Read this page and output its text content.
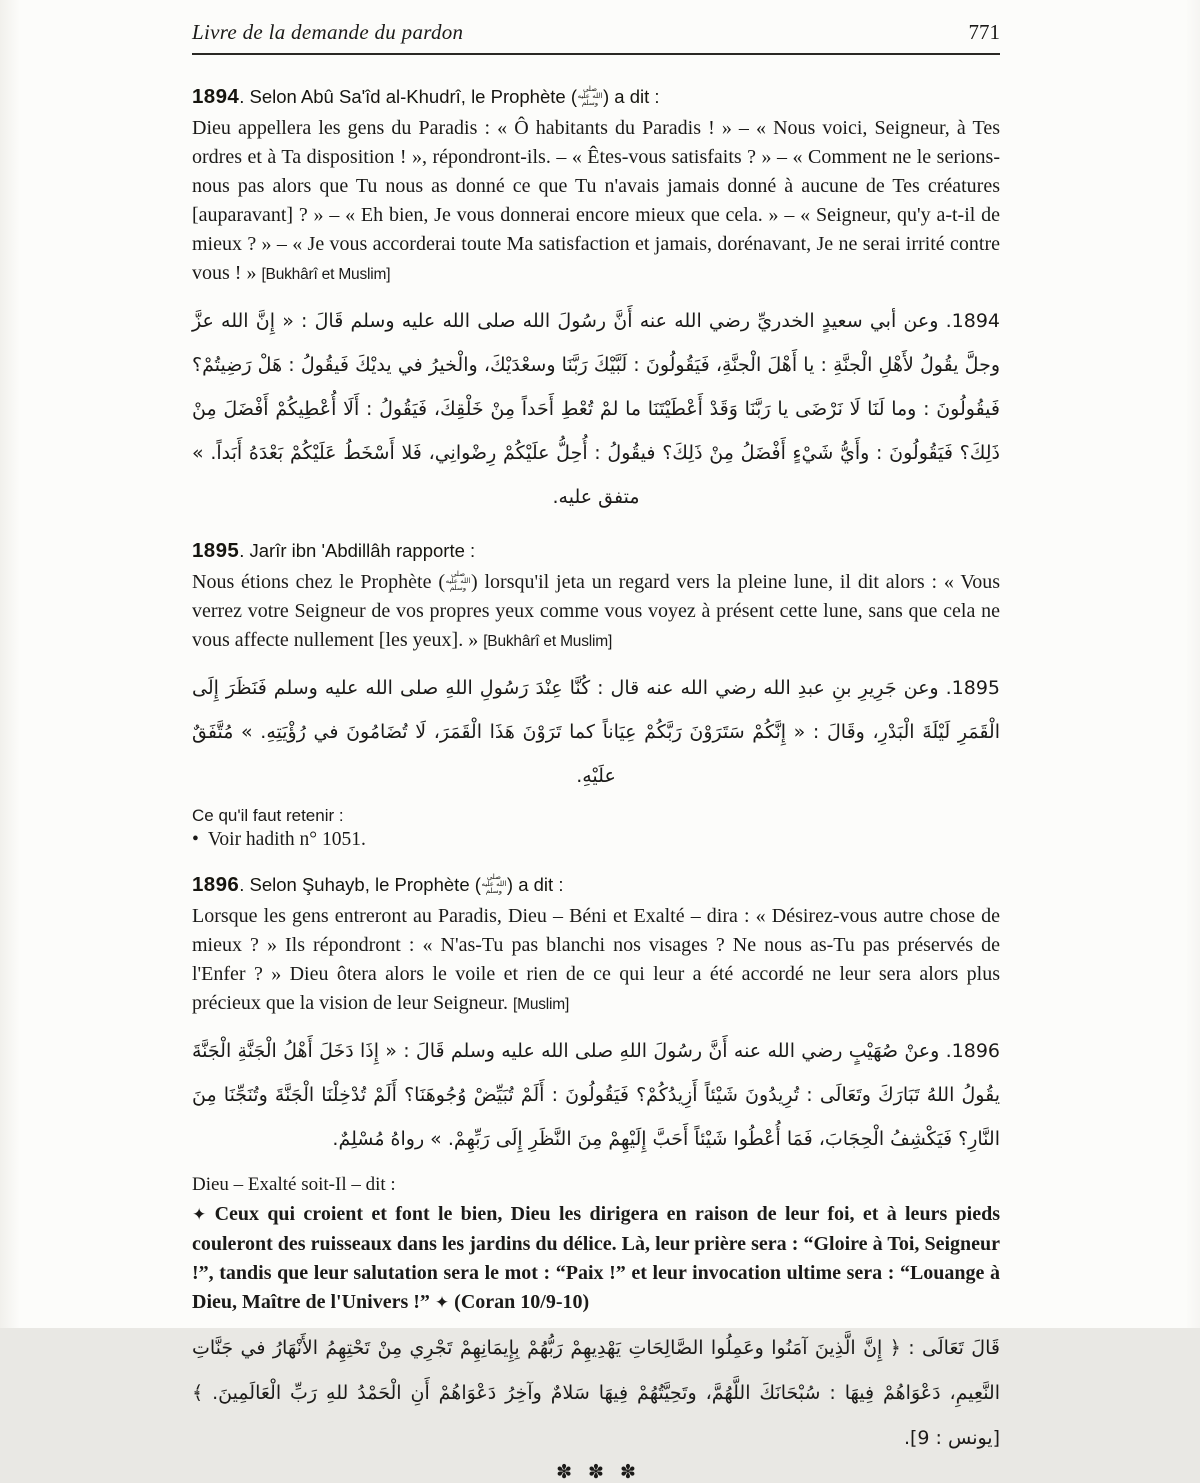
Livre de la demande du pardon	771

1894. Selon Abû Sa'îd al-Khudrî, le Prophète ( صلى الله عليه وسلم ) a dit :

Dieu appellera les gens du Paradis : « Ô habitants du Paradis ! » – « Nous voici, Seigneur, à Tes ordres et à Ta disposition ! », répondront-ils. – « Êtes-vous satisfaits ? » – « Comment ne le serions-nous pas alors que Tu nous as donné ce que Tu n'avais jamais donné à aucune de Tes créatures [auparavant] ? » – « Eh bien, Je vous donnerai encore mieux que cela. » – « Seigneur, qu'y a-t-il de mieux ? » – « Je vous accorderai toute Ma satisfaction et jamais, dorénavant, Je ne serai irrité contre vous ! » [Bukhârî et Muslim]

1894. وعن أبي سعيدٍ الخدريِّ رضي الله عنه أَنَّ رسُولَ الله صلى الله عليه وسلم قَالَ : « إِنَّ الله عزَّ وجلَّ يقُولُ لأَهْلِ الْجنَّةِ : يا أَهْلَ الْجنَّةِ، فَيَقُولُونَ : لَبَّيْكَ رَبَّنَا وسعْدَيْكَ، والْخيرُ في يديْكَ فَيقُولُ : هَلْ رَضِيتُمْ؟ فَيقُولُونَ : وما لَنَا لَا نَرْضَى يا رَبَّنَا وَقَدْ أَعْطَيْتَنَا ما لمْ تُعْطِ أَحَداً مِنْ خَلْقِكَ، فَيَقُولُ : أَلَا أُعْطِيكُمْ أَفْضَلَ مِنْ ذَلِكَ؟ فَيَقُولُونَ : وأَيُّ شَيْءٍ أَفْضَلُ مِنْ ذَلِكَ؟ فيقُولُ : أُحِلُّ علَيْكُمْ رِضْوانِي، فَلا أَسْخَطُ عَلَيْكُمْ بَعْدَهُ أَبَداً. » متفق عليه.

1895. Jarîr ibn 'Abdillâh rapporte :

Nous étions chez le Prophète ( صلى الله عليه وسلم ) lorsqu'il jeta un regard vers la pleine lune, il dit alors : « Vous verrez votre Seigneur de vos propres yeux comme vous voyez à présent cette lune, sans que cela ne vous affecte nullement [les yeux]. » [Bukhârî et Muslim]

1895. وعن جَرِيرِ بنِ عبدِ الله رضي الله عنه قال : كُنَّا عِنْدَ رَسُولِ اللهِ صلى الله عليه وسلم فَنَظَرَ إِلَى الْقَمَرِ لَيْلَةَ الْبَدْرِ، وقَالَ : « إِنَّكُمْ سَتَرَوْنَ رَبَّكُمْ عِيَاناً كما تَرَوْنَ هَذَا الْقَمَرَ، لَا تُضَامُونَ في رُؤْيَتِهِ. » مُتَّفَقٌ علَيْهِ.

Ce qu'il faut retenir :

• Voir hadith n° 1051.

1896. Selon Şuhayb, le Prophète ( صلى الله عليه وسلم ) a dit :

Lorsque les gens entreront au Paradis, Dieu – Béni et Exalté – dira : « Désirez-vous autre chose de mieux ? » Ils répondront : « N'as-Tu pas blanchi nos visages ? Ne nous as-Tu pas préservés de l'Enfer ? » Dieu ôtera alors le voile et rien de ce qui leur a été accordé ne leur sera alors plus précieux que la vision de leur Seigneur. [Muslim]

1896. وعنْ صُهَيْبٍ رضي الله عنه أَنَّ رسُولَ اللهِ صلى الله عليه وسلم قَالَ : « إِذَا دَخَلَ أَهْلُ الْجَنَّةِ الْجَنَّةَ يقُولُ اللهُ تَبَارَكَ وتَعَالَى : تُرِيدُونَ شَيْئاً أَزِيدُكُمْ؟ فَيَقُولُونَ : أَلَمْ تُبَيِّضْ وُجُوهَنَا؟ أَلَمْ تُدْخِلْنَا الْجَنَّةَ وتُنَجِّنَا مِنَ النَّارِ؟ فَيَكْشِفُ الْحِجَابَ، فَمَا أُعْطُوا شَيْئاً أَحَبَّ إِلَيْهِمْ مِنَ النَّظَرِ إِلَى رَبِّهِمْ. » رواهُ مُسْلِمٌ.

Dieu – Exalté soit-Il – dit :

✦ Ceux qui croient et font le bien, Dieu les dirigera en raison de leur foi, et à leurs pieds couleront des ruisseaux dans les jardins du délice. Là, leur prière sera : “Gloire à Toi, Seigneur !”, tandis que leur salutation sera le mot : “Paix !” et leur invocation ultime sera : “Louange à Dieu, Maître de l'Univers !” ✦ (Coran 10/9-10)

قَالَ تَعَالَى : ﴿ إِنَّ الَّذِينَ آمَنُوا وعَمِلُوا الصَّالِحَاتِ يَهْدِيهِمْ رَبُّهُمْ بِإِيمَانِهِمْ تَجْرِي مِنْ تَحْتِهِمُ الأَنْهَارُ في جَنَّاتِ النَّعِيمِ، دَعْوَاهُمْ فِيهَا : سُبْحَانَكَ اللَّهُمَّ، وتَحِيَّتُهُمْ فِيهَا سَلامٌ وآخِرُ دَعْوَاهُمْ أَنِ الْحَمْدُ للهِ رَبِّ الْعَالَمِينَ. ﴾ [يونس : 9].

✽ ✽ ✽
